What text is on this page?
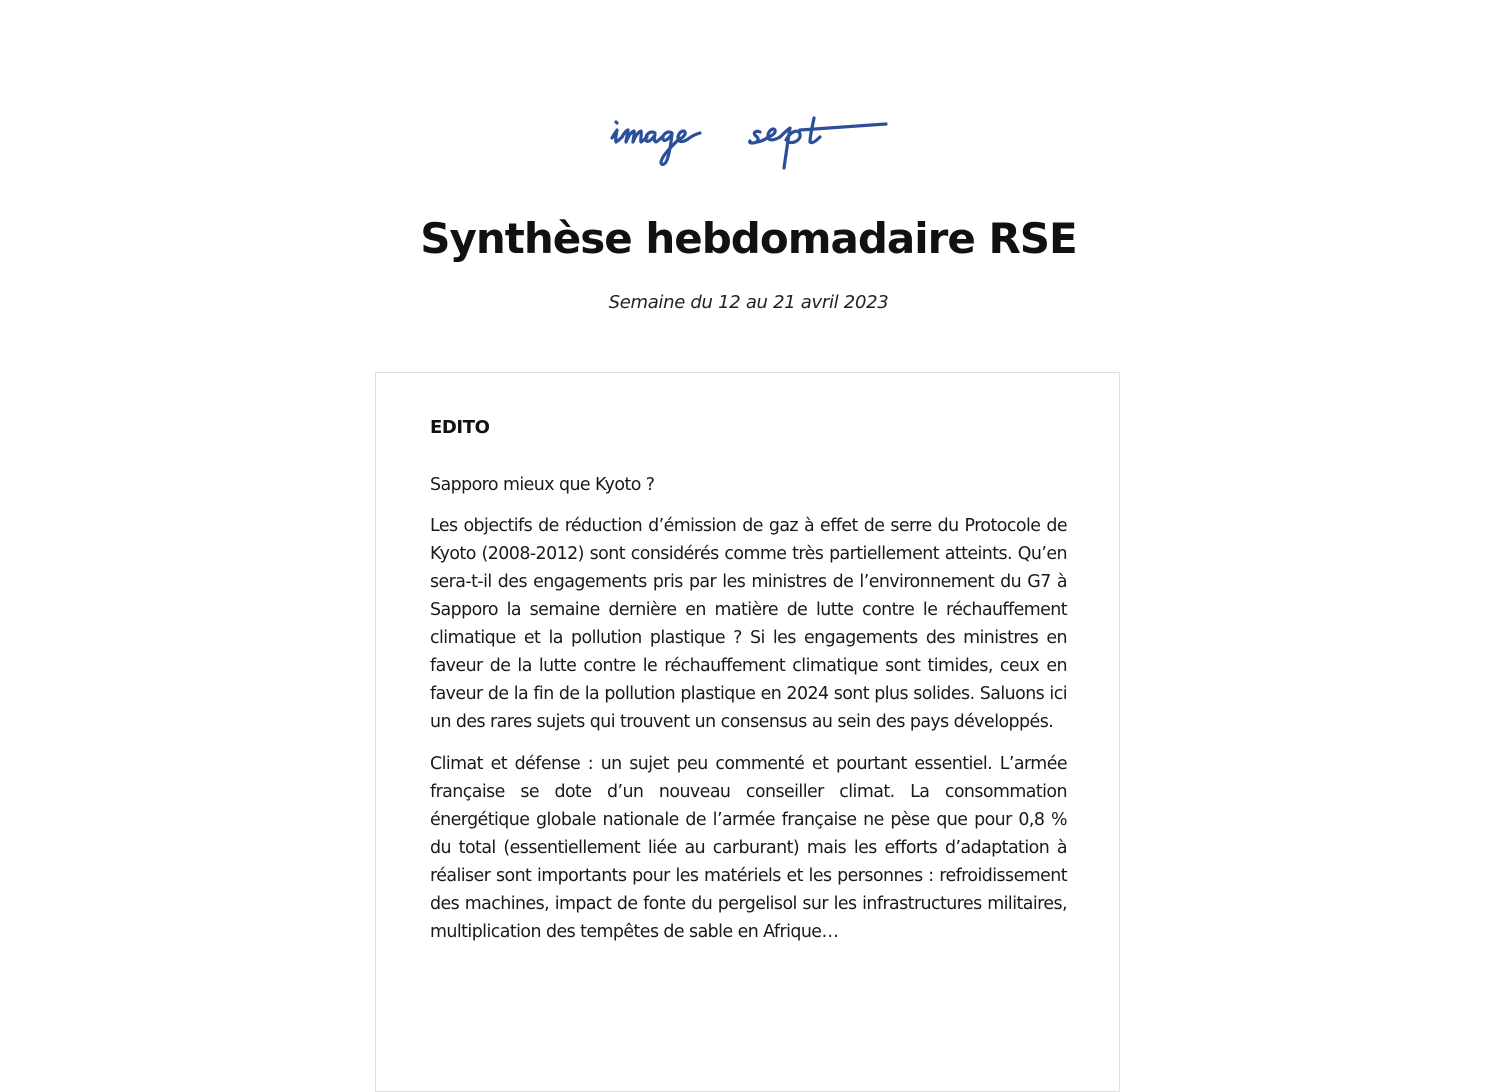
Synthèse hebdomadaire RSE
Semaine du 12 au 21 avril 2023
EDITO

Sapporo mieux que Kyoto ?

Les objectifs de réduction d’émission de gaz à effet de serre du Protocole de Kyoto (2008-2012) sont considérés comme très partiellement atteints. Qu’en sera-t-il des engagements pris par les ministres de l’environnement du G7 à Sapporo la semaine dernière en matière de lutte contre le réchauffement climatique et la pollution plastique ? Si les engagements des ministres en faveur de la lutte contre le réchauffement climatique sont timides, ceux en faveur de la fin de la pollution plastique en 2024 sont plus solides. Saluons ici un des rares sujets qui trouvent un consensus au sein des pays développés.

Climat et défense : un sujet peu commenté et pourtant essentiel. L’armée française se dote d’un nouveau conseiller climat. La consommation énergétique globale nationale de l’armée française ne pèse que pour 0,8 % du total (essentiellement liée au carburant) mais les efforts d’adaptation à réaliser sont importants pour les matériels et les personnes : refroidissement des machines, impact de fonte du pergelisol sur les infrastructures militaires, multiplication des tempêtes de sable en Afrique…
